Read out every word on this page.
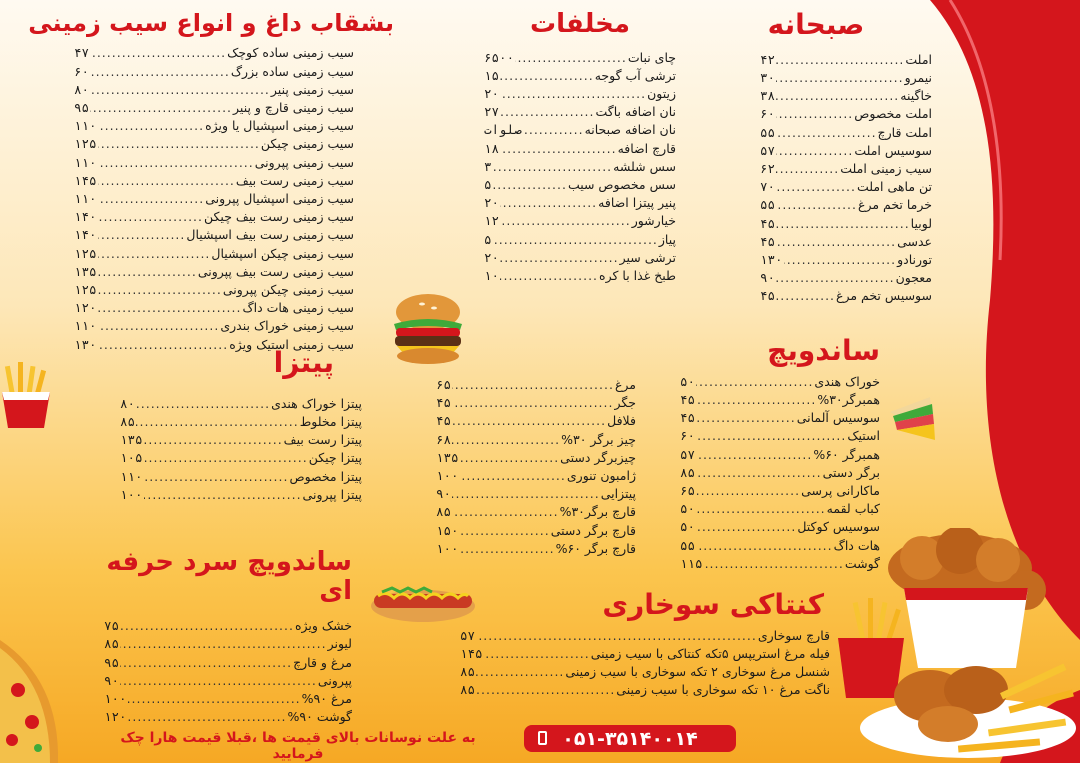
صبحانه
املت
.....
۴۲
نیمرو
.....
۳۰
خاگینه
.....
۳۸
املت مخصوص
.....
۶۰
املت قارچ
.....
۵۵
سوسیس املت
.....
۵۷
سیب زمینی املت
.....
۶۲
تن ماهی املت
.....
۷۰
خرما تخم مرغ
.....
۵۵
لوبیا
.....
۴۵
عدسی
.....
۴۵
تورنادو
.....
۱۳۰
معجون
.....
۹۰
سوسیس تخم مرغ
.....
۴۵
مخلفات
چای نبات
.....
۶۵۰۰
ترشی آب گوجه
.....
۱۵
زیتون
.....
۲۰
نان اضافه باگت
.....
۲۷
نان اضافه صبحانه
.....
صلوات
قارچ اضافه
.....
۱۸
سس شلشه
.....
۳
سس مخصوص سیب
.....
۵
پنیر پیتزا اضافه
.....
۲۰
خیارشور
.....
۱۲
پیاز
.....
۵
ترشی سیر
.....
۲۰
طبخ غذا با کره
.....
۱۰
بشقاب داغ و انواع سیب زمینی
سیب زمینی ساده کوچک
.....
۴۷
سیب زمینی ساده بزرگ
.....
۶۰
سیب زمینی پنیر
.....
۸۰
سیب زمینی قارچ و پنیر
.....
۹۵
سیب زمینی اسپشیال یا ویژه
.....
۱۱۰
سیب زمینی چیکن
.....
۱۲۵
سیب زمینی پپرونی
.....
۱۱۰
سیب زمینی رست بیف
.....
۱۴۵
سیب زمینی اسپشیال پپرونی
.....
۱۱۰
سیب زمینی رست بیف چیکن
.....
۱۴۰
سیب زمینی رست بیف اسپشیال
.....
۱۴۰
سیب زمینی چیکن اسپشیال
.....
۱۲۵
سیب زمینی رست بیف پپرونی
.....
۱۳۵
سیب زمینی چیکن پپرونی
.....
۱۲۵
سیب زمینی هات داگ
.....
۱۲۰
سیب زمینی خوراک بندری
.....
۱۱۰
سیب زمینی استیک ویژه
.....
۱۳۰	ساندویچ
خوراک هندی
.....
۵۰
همبرگر۳۰%
.....
۴۵
سوسیس آلمانی
.....
۴۵
استیک
.....
۶۰
همبرگر ۶۰%
.....
۵۷
برگر دستی
.....
۸۵
ماکارانی پرسی
.....
۶۵
کباب لقمه
.....
۵۰
سوسیس کوکتل
.....
۵۰
هات داگ
.....
۵۵
گوشت
.....
۱۱۵
مرغ
.....
۶۵
جگر
.....
۴۵
فلافل
.....
۴۵
چیز برگر ۳۰%
.....
۶۸
چیزبرگر دستی
.....
۱۳۵
ژامبون تنوری
.....
۱۰۰
پیتزایی
.....
۹۰
قارچ برگر۳۰%
.....
۸۵
قارچ برگر دستی
.....
۱۵۰
قارچ برگر ۶۰%
.....
۱۰۰
پیتزا
پیتزا خوراک هندی
.....
۸۰
پیتزا مخلوط
.....
۸۵
پیتزا رست بیف
.....
۱۳۵
پیتزا چیکن
.....
۱۰۵
پیتزا مخصوص
.....
۱۱۰
پیتزا پپرونی
.....
۱۰۰
ساندویچ سرد حرفه ای
خشک ویژه
.....
۷۵
لیونر
.....
۸۵
مرغ و قارچ
.....
۹۵
پپرونی
.....
۹۰
مرغ ۹۰%
.....
۱۰۰
گوشت ۹۰%
.....
۱۲۰
کنتاکی سوخاری
قارچ سوخاری
.....
۵۷
فیله مرغ استریپس ۵تکه کنتاکی با سیب زمینی
.....
۱۴۵
شنسل مرغ سوخاری ۲ تکه سوخاری با سیب زمینی
.....
۸۵
ناگت مرغ ۱۰ تکه سوخاری با سیب زمینی
.....
۸۵
۰۵۱-۳۵۱۴۰۰۱۴
به علت نوسانات بالای قیمت ها ،قبلا قیمت هارا چک فرمایید
